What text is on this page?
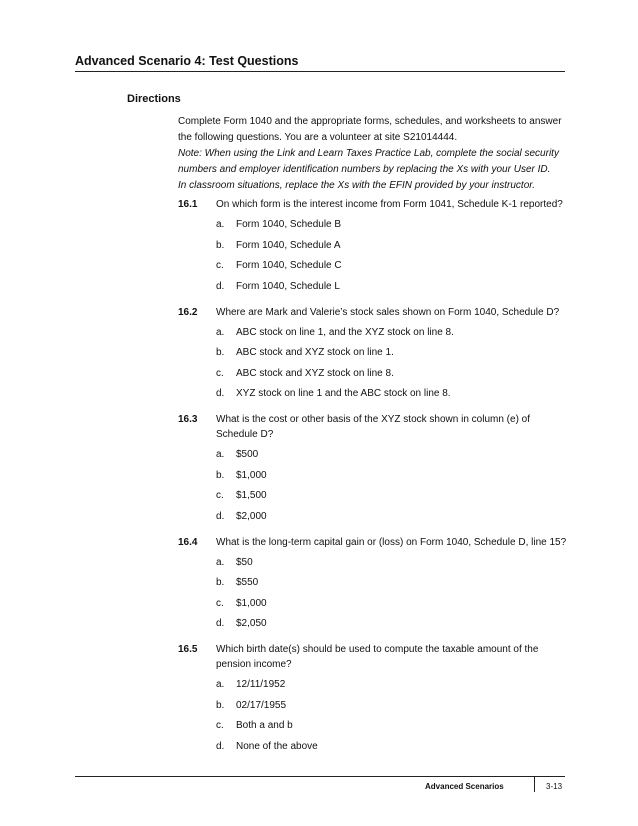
Advanced Scenario 4: Test Questions
Directions
Complete Form 1040 and the appropriate forms, schedules, and worksheets to answer
the following questions. You are a volunteer at site S21014444.
Note: When using the Link and Learn Taxes Practice Lab, complete the social security
numbers and employer identification numbers by replacing the Xs with your User ID.
In classroom situations, replace the Xs with the EFIN provided by your instructor.
16.1	On which form is the interest income from Form 1041, Schedule K-1 reported?
a.	Form 1040, Schedule B
b.	Form 1040, Schedule A
c.	Form 1040, Schedule C
d.	Form 1040, Schedule L
16.2	Where are Mark and Valerie’s stock sales shown on Form 1040, Schedule D?
a.	ABC stock on line 1, and the XYZ stock on line 8.
b.	ABC stock and XYZ stock on line 1.
c.	ABC stock and XYZ stock on line 8.
d.	XYZ stock on line 1 and the ABC stock on line 8.
16.3	What is the cost or other basis of the XYZ stock shown in column (e) of Schedule D?
a.	$500
b.	$1,000
c.	$1,500
d.	$2,000
16.4	What is the long-term capital gain or (loss) on Form 1040, Schedule D, line 15?
a.	$50
b.	$550
c.	$1,000
d.	$2,050
16.5	Which birth date(s) should be used to compute the taxable amount of the pension income?
a.	12/11/1952
b.	02/17/1955
c.	Both a and b
d.	None of the above
Advanced Scenarios	3-13
